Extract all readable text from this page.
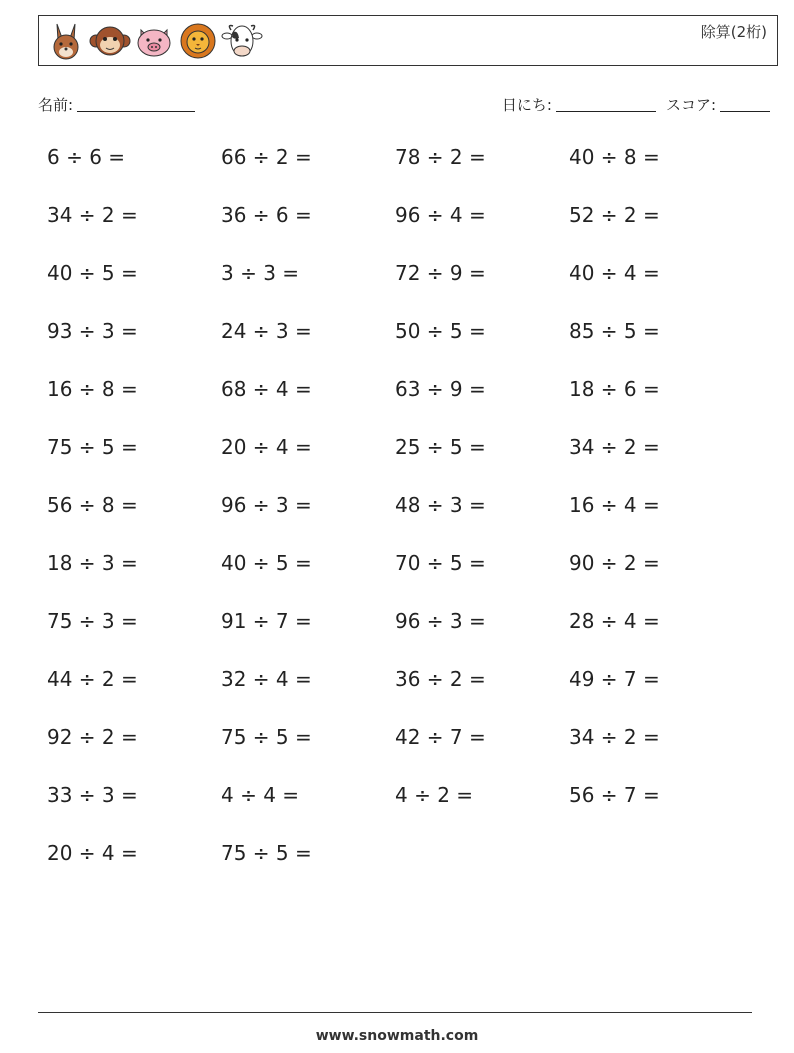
除算(2桁)
名前:	日にち:	スコア:
6 ÷ 6 =	66 ÷ 2 =	78 ÷ 2 =	40 ÷ 8 =
34 ÷ 2 =	36 ÷ 6 =	96 ÷ 4 =	52 ÷ 2 =
40 ÷ 5 =	3 ÷ 3 =	72 ÷ 9 =	40 ÷ 4 =
93 ÷ 3 =	24 ÷ 3 =	50 ÷ 5 =	85 ÷ 5 =
16 ÷ 8 =	68 ÷ 4 =	63 ÷ 9 =	18 ÷ 6 =
75 ÷ 5 =	20 ÷ 4 =	25 ÷ 5 =	34 ÷ 2 =
56 ÷ 8 =	96 ÷ 3 =	48 ÷ 3 =	16 ÷ 4 =
18 ÷ 3 =	40 ÷ 5 =	70 ÷ 5 =	90 ÷ 2 =
75 ÷ 3 =	91 ÷ 7 =	96 ÷ 3 =	28 ÷ 4 =
44 ÷ 2 =	32 ÷ 4 =	36 ÷ 2 =	49 ÷ 7 =
92 ÷ 2 =	75 ÷ 5 =	42 ÷ 7 =	34 ÷ 2 =
33 ÷ 3 =	4 ÷ 4 =	4 ÷ 2 =	56 ÷ 7 =
20 ÷ 4 =	75 ÷ 5 =
www.snowmath.com
